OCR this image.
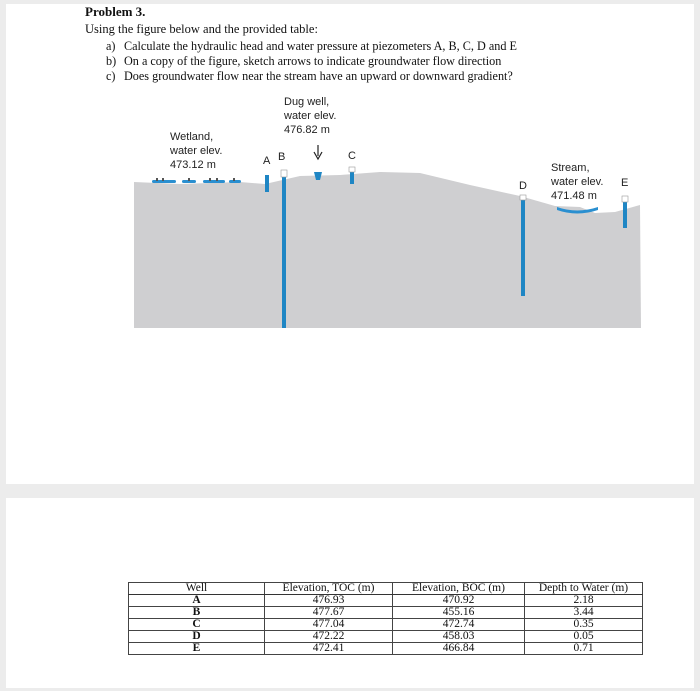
Problem 3.
Using the figure below and the provided table:
a) Calculate the hydraulic head and water pressure at piezometers A, B, C, D and E
b) On a copy of the figure, sketch arrows to indicate groundwater flow direction
c) Does groundwater flow near the stream have an upward or downward gradient?
Dug well,
water elev.
476.82 m
Wetland,
water elev.
473.12 m	Stream,
water elev.
471.48 m
A B	C
D	E
Well	Elevation, TOC (m)	Elevation, BOC (m)	Depth to Water (m)
A	476.93	470.92	2.18
B	477.67	455.16	3.44
C	477.04	472.74	0.35
D	472.22	458.03	0.05
E	472.41	466.84	0.71
